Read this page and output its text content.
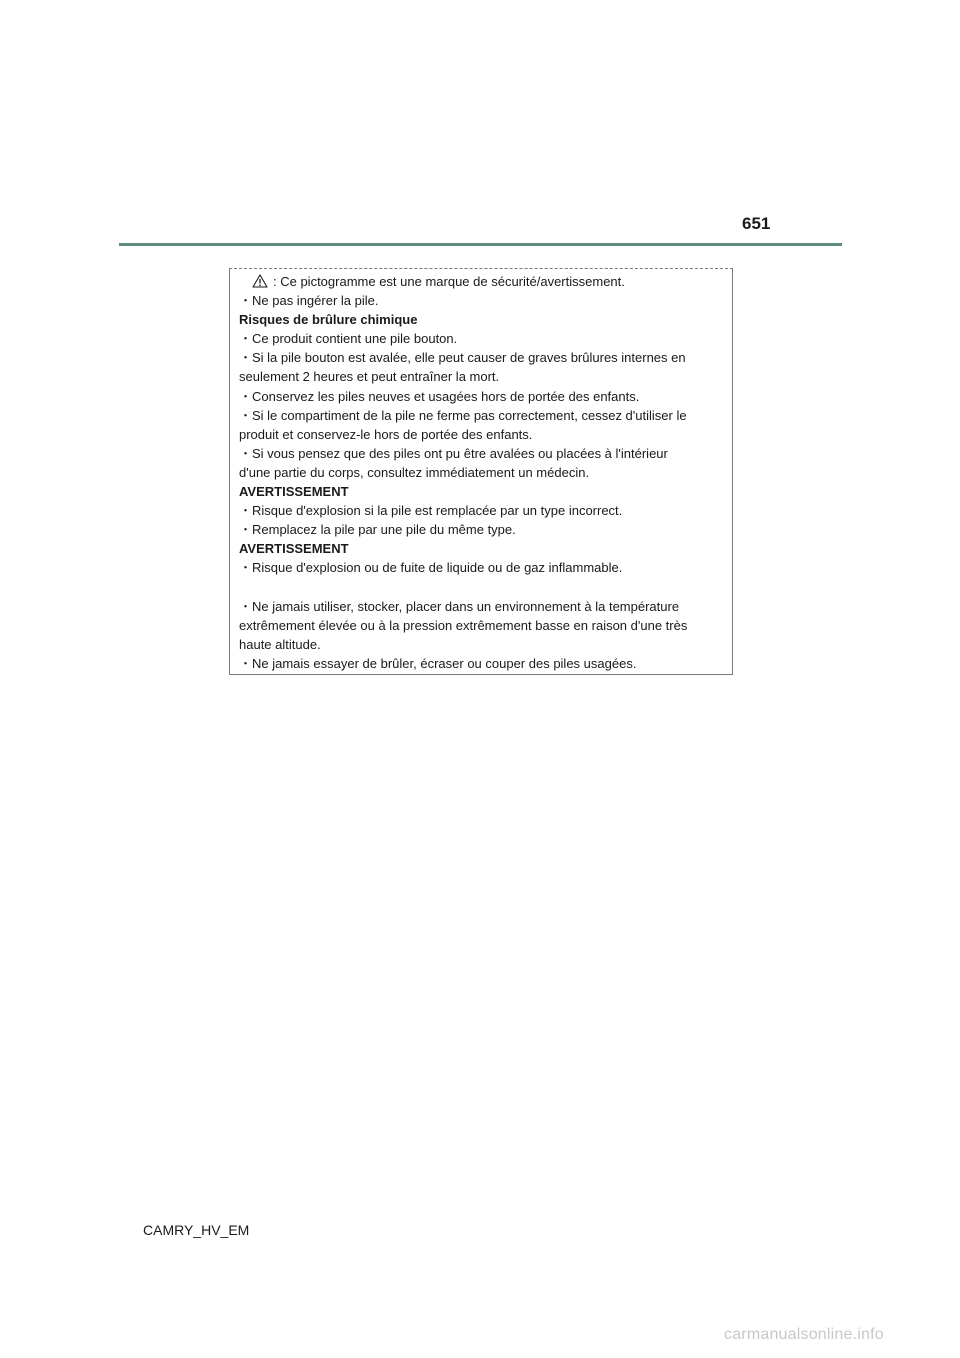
651
: Ce pictogramme est une marque de sécurité/avertissement.
・Ne pas ingérer la pile.
Risques de brûlure chimique
・Ce produit contient une pile bouton.
・Si la pile bouton est avalée, elle peut causer de graves brûlures internes en
seulement 2 heures et peut entraîner la mort.
・Conservez les piles neuves et usagées hors de portée des enfants.
・Si le compartiment de la pile ne ferme pas correctement, cessez d'utiliser le
produit et conservez-le hors de portée des enfants.
・Si vous pensez que des piles ont pu être avalées ou placées à l'intérieur
d'une partie du corps, consultez immédiatement un médecin.
AVERTISSEMENT
・Risque d'explosion si la pile est remplacée par un type incorrect.
・Remplacez la pile par une pile du même type.
AVERTISSEMENT
・Risque d'explosion ou de fuite de liquide ou de gaz inflammable.
・Ne jamais utiliser, stocker, placer dans un environnement à la température
extrêmement élevée ou à la pression extrêmement basse en raison d'une très
haute altitude.
・Ne jamais essayer de brûler, écraser ou couper des piles usagées.
CAMRY_HV_EM
carmanualsonline.info
